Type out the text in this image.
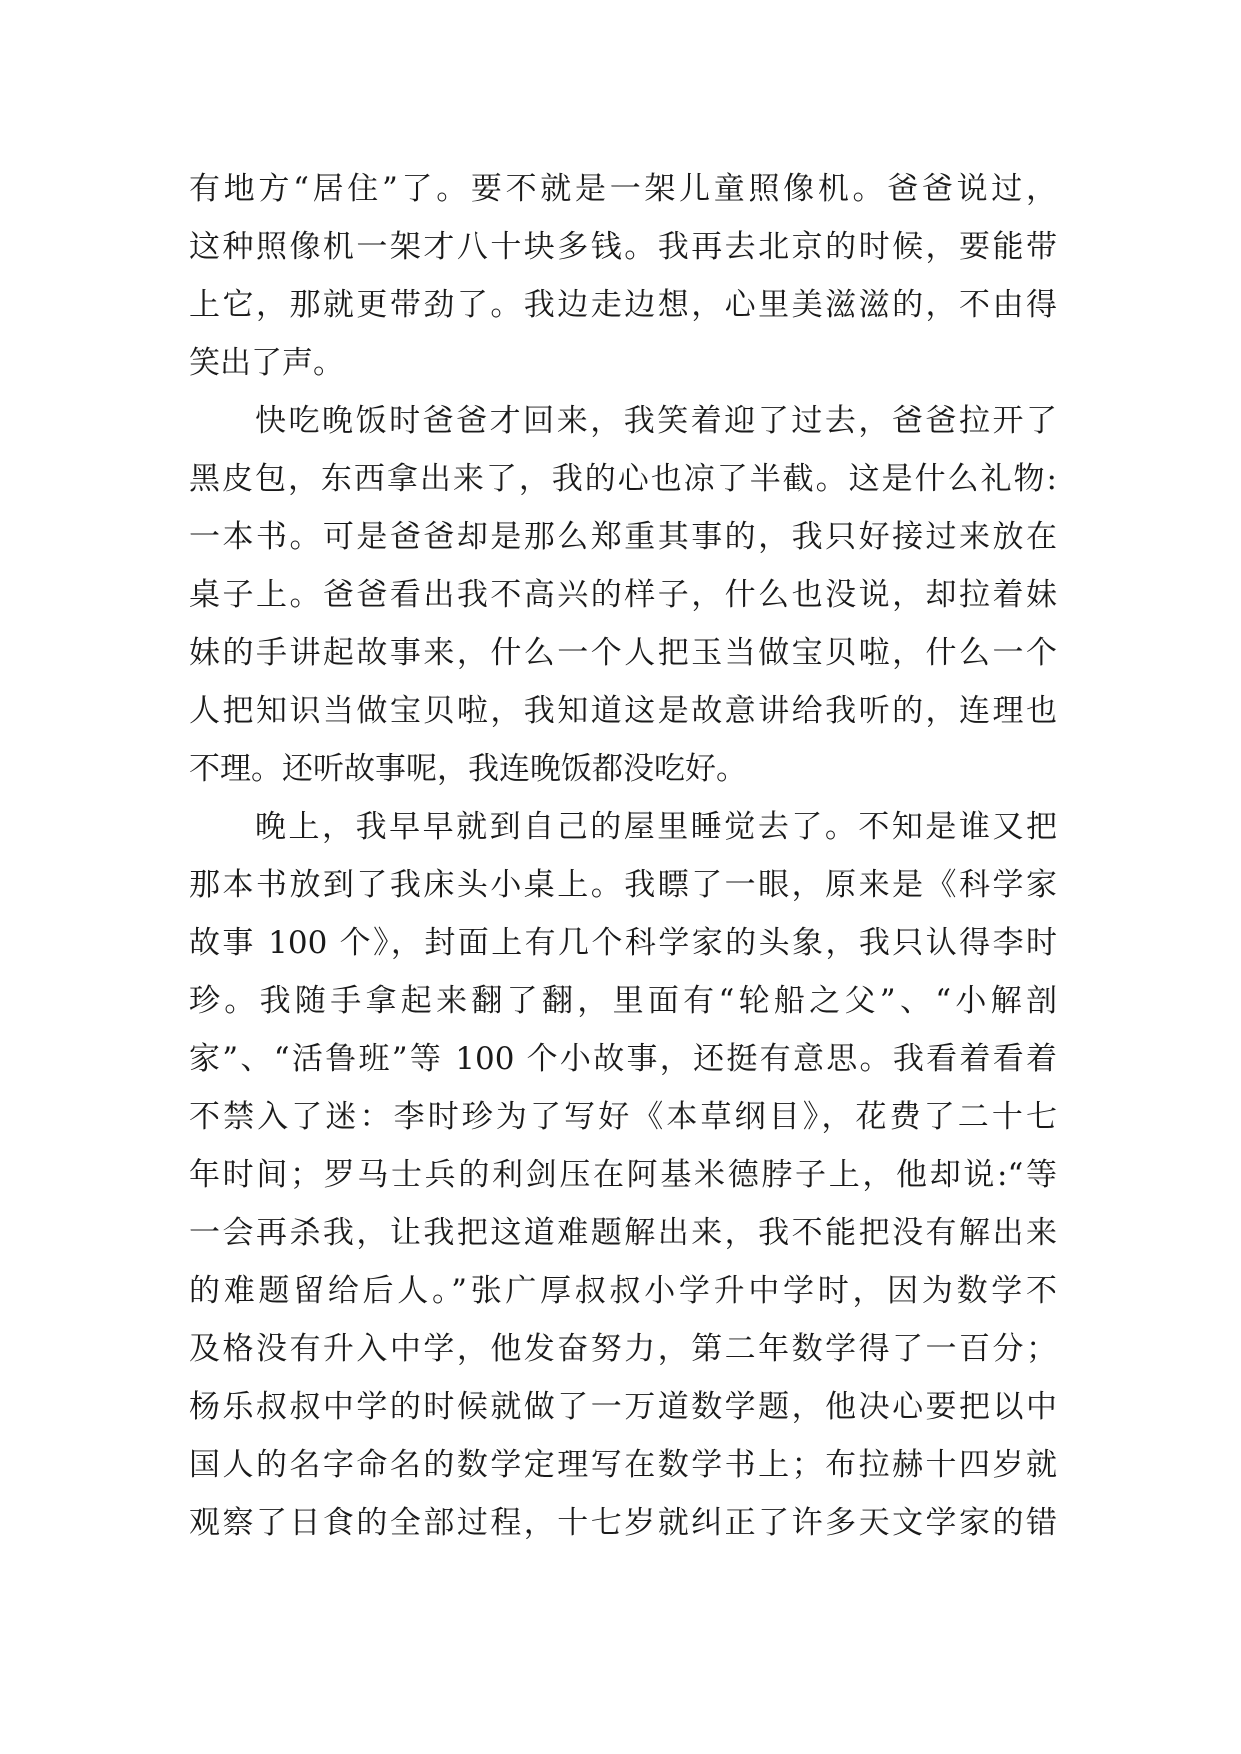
有地方“居住”了。要不就是一架儿童照像机。爸爸说过，
这种照像机一架才八十块多钱。我再去北京的时候，要能带
上它，那就更带劲了。我边走边想，心里美滋滋的，不由得
笑出了声。
快吃晚饭时爸爸才回来，我笑着迎了过去，爸爸拉开了
黑皮包，东西拿出来了，我的心也凉了半截。这是什么礼物:
一本书。可是爸爸却是那么郑重其事的，我只好接过来放在
桌子上。爸爸看出我不高兴的样子，什么也没说，却拉着妹
妹的手讲起故事来，什么一个人把玉当做宝贝啦，什么一个
人把知识当做宝贝啦，我知道这是故意讲给我听的，连理也
不理。还听故事呢，我连晚饭都没吃好。
晚上，我早早就到自己的屋里睡觉去了。不知是谁又把
那本书放到了我床头小桌上。我瞟了一眼，原来是《科学家
故事 100 个》，封面上有几个科学家的头象，我只认得李时
珍。我随手拿起来翻了翻，里面有“轮船之父”、“小解剖
家”、“活鲁班”等 100 个小故事，还挺有意思。我看着看着
不禁入了迷：李时珍为了写好《本草纲目》，花费了二十七
年时间；罗马士兵的利剑压在阿基米德脖子上，他却说:“等
一会再杀我，让我把这道难题解出来，我不能把没有解出来
的难题留给后人。”张广厚叔叔小学升中学时，因为数学不
及格没有升入中学，他发奋努力，第二年数学得了一百分；
杨乐叔叔中学的时候就做了一万道数学题，他决心要把以中
国人的名字命名的数学定理写在数学书上；布拉赫十四岁就
观察了日食的全部过程，十七岁就纠正了许多天文学家的错
